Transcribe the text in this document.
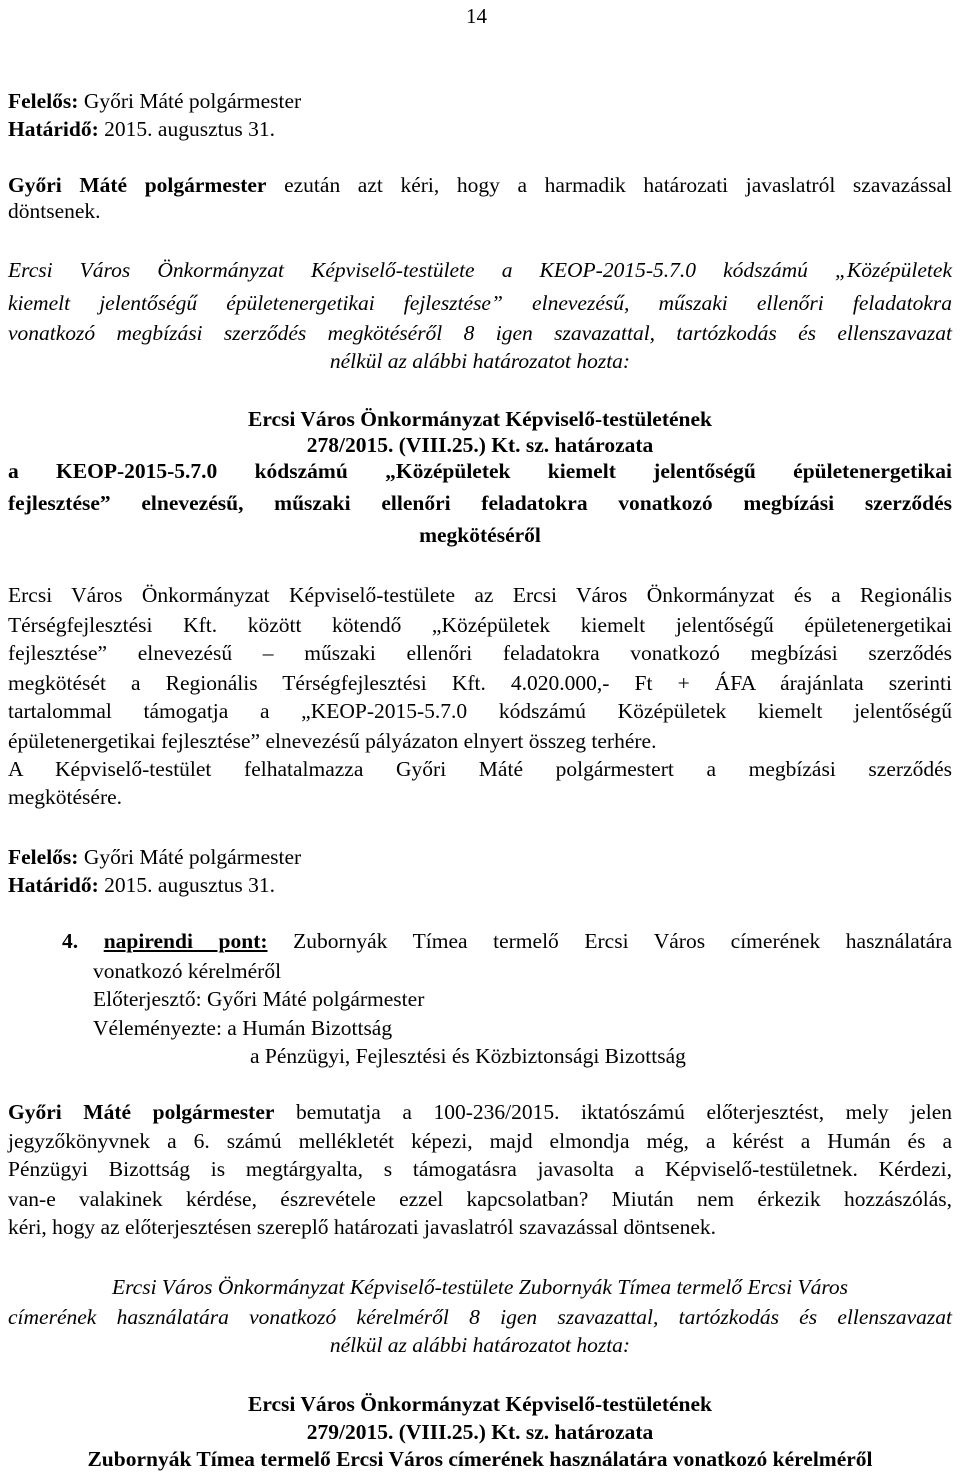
14
Felelős: Győri Máté polgármester
Határidő: 2015. augusztus 31.
Győri Máté polgármester ezután azt kéri, hogy a harmadik határozati javaslatról szavazással
döntsenek.
Ercsi Város Önkormányzat Képviselő-testülete a KEOP-2015-5.7.0 kódszámú „Középületek
kiemelt jelentőségű épületenergetikai fejlesztése” elnevezésű, műszaki ellenőri feladatokra
vonatkozó megbízási szerződés megkötéséről 8 igen szavazattal, tartózkodás és ellenszavazat
nélkül az alábbi határozatot hozta:
Ercsi Város Önkormányzat Képviselő-testületének
278/2015. (VIII.25.) Kt. sz. határozata
a KEOP-2015-5.7.0 kódszámú „Középületek kiemelt jelentőségű épületenergetikai
fejlesztése” elnevezésű, műszaki ellenőri feladatokra vonatkozó megbízási szerződés
megkötéséről
Ercsi Város Önkormányzat Képviselő-testülete az Ercsi Város Önkormányzat és a Regionális
Térségfejlesztési Kft. között kötendő „Középületek kiemelt jelentőségű épületenergetikai
fejlesztése” elnevezésű – műszaki ellenőri feladatokra vonatkozó megbízási szerződés
megkötését a Regionális Térségfejlesztési Kft. 4.020.000,- Ft + ÁFA árajánlata szerinti
tartalommal támogatja a „KEOP-2015-5.7.0 kódszámú Középületek kiemelt jelentőségű
épületenergetikai fejlesztése” elnevezésű pályázaton elnyert összeg terhére.
A Képviselő-testület felhatalmazza Győri Máté polgármestert a megbízási szerződés
megkötésére.
Felelős: Győri Máté polgármester
Határidő: 2015. augusztus 31.
4. napirendi pont: Zubornyák Tímea termelő Ercsi Város címerének használatára
vonatkozó kérelméről
Előterjesztő: Győri Máté polgármester
Véleményezte: a Humán Bizottság
a Pénzügyi, Fejlesztési és Közbiztonsági Bizottság
Győri Máté polgármester bemutatja a 100-236/2015. iktatószámú előterjesztést, mely jelen
jegyzőkönyvnek a 6. számú mellékletét képezi, majd elmondja még, a kérést a Humán és a
Pénzügyi Bizottság is megtárgyalta, s támogatásra javasolta a Képviselő-testületnek. Kérdezi,
van-e valakinek kérdése, észrevétele ezzel kapcsolatban? Miután nem érkezik hozzászólás,
kéri, hogy az előterjesztésen szereplő határozati javaslatról szavazással döntsenek.
Ercsi Város Önkormányzat Képviselő-testülete Zubornyák Tímea termelő Ercsi Város
címerének használatára vonatkozó kérelméről 8 igen szavazattal, tartózkodás és ellenszavazat
nélkül az alábbi határozatot hozta:
Ercsi Város Önkormányzat Képviselő-testületének
279/2015. (VIII.25.) Kt. sz. határozata
Zubornyák Tímea termelő Ercsi Város címerének használatára vonatkozó kérelméről
